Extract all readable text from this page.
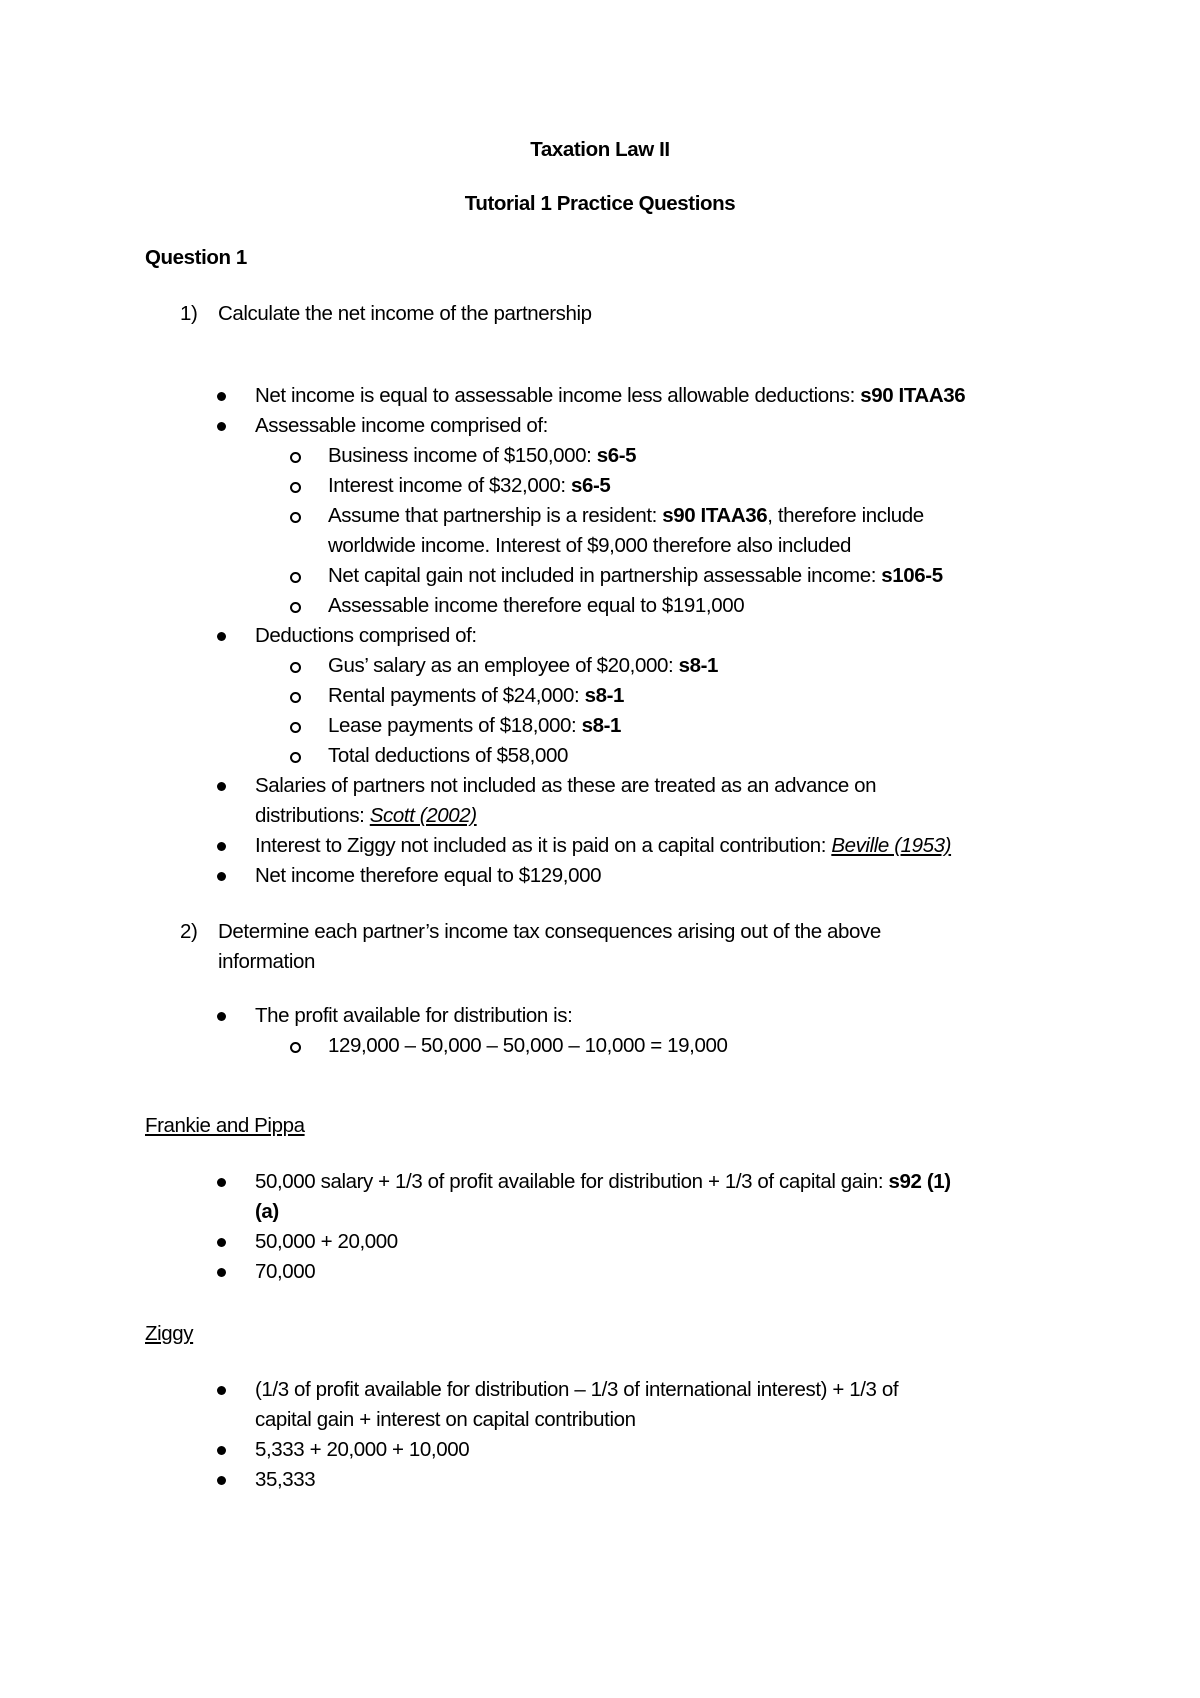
Taxation Law II
Tutorial 1 Practice Questions
Question 1
1) Calculate the net income of the partnership
Net income is equal to assessable income less allowable deductions: s90 ITAA36
Assessable income comprised of:
Business income of $150,000: s6-5
Interest income of $32,000: s6-5
Assume that partnership is a resident: s90 ITAA36, therefore include
worldwide income. Interest of $9,000 therefore also included
Net capital gain not included in partnership assessable income: s106-5
Assessable income therefore equal to $191,000
Deductions comprised of:
Gus’ salary as an employee of $20,000: s8-1
Rental payments of $24,000: s8-1
Lease payments of $18,000: s8-1
Total deductions of $58,000
Salaries of partners not included as these are treated as an advance on
distributions: Scott (2002)
Interest to Ziggy not included as it is paid on a capital contribution: Beville (1953)
Net income therefore equal to $129,000
2) Determine each partner’s income tax consequences arising out of the above
information
The profit available for distribution is:
129,000 – 50,000 – 50,000 – 10,000 = 19,000
Frankie and Pippa
50,000 salary + 1/3 of profit available for distribution + 1/3 of capital gain: s92 (1)
(a)
50,000 + 20,000
70,000
Ziggy
(1/3 of profit available for distribution – 1/3 of international interest) + 1/3 of
capital gain + interest on capital contribution
5,333 + 20,000 + 10,000
35,333
